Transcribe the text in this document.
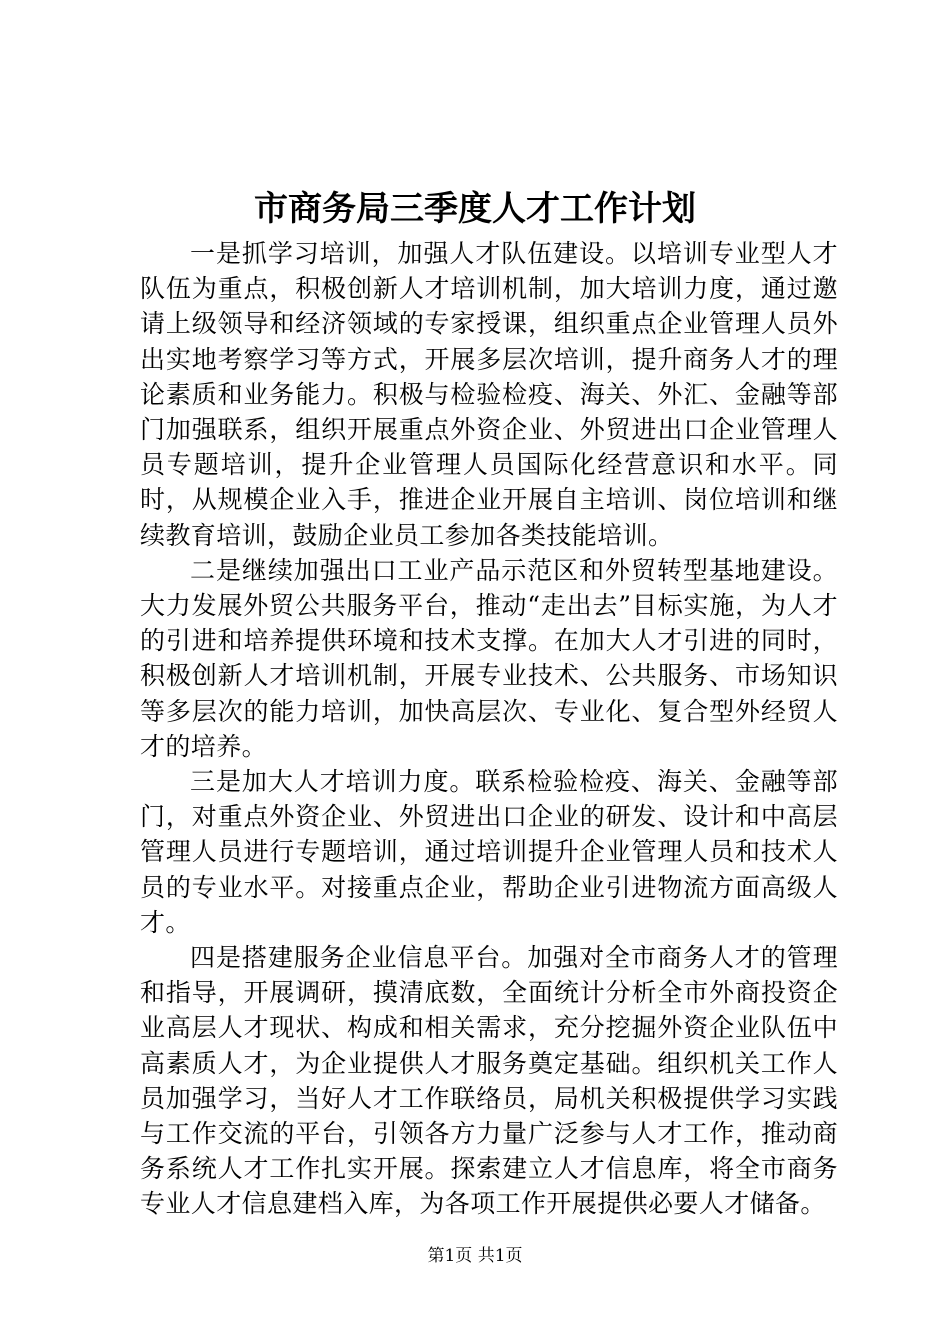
市商务局三季度人才工作计划

一是抓学习培训，加强人才队伍建设。以培训专业型人才队伍为重点，积极创新人才培训机制，加大培训力度，通过邀请上级领导和经济领域的专家授课，组织重点企业管理人员外出实地考察学习等方式，开展多层次培训，提升商务人才的理论素质和业务能力。积极与检验检疫、海关、外汇、金融等部门加强联系，组织开展重点外资企业、外贸进出口企业管理人员专题培训，提升企业管理人员国际化经营意识和水平。同时，从规模企业入手，推进企业开展自主培训、岗位培训和继续教育培训，鼓励企业员工参加各类技能培训。

二是继续加强出口工业产品示范区和外贸转型基地建设。大力发展外贸公共服务平台，推动“走出去”目标实施，为人才的引进和培养提供环境和技术支撑。在加大人才引进的同时，积极创新人才培训机制，开展专业技术、公共服务、市场知识等多层次的能力培训，加快高层次、专业化、复合型外经贸人才的培养。

三是加大人才培训力度。联系检验检疫、海关、金融等部门，对重点外资企业、外贸进出口企业的研发、设计和中高层管理人员进行专题培训，通过培训提升企业管理人员和技术人员的专业水平。对接重点企业，帮助企业引进物流方面高级人才。

四是搭建服务企业信息平台。加强对全市商务人才的管理和指导，开展调研，摸清底数，全面统计分析全市外商投资企业高层人才现状、构成和相关需求，充分挖掘外资企业队伍中高素质人才，为企业提供人才服务奠定基础。组织机关工作人员加强学习，当好人才工作联络员，局机关积极提供学习实践与工作交流的平台，引领各方力量广泛参与人才工作，推动商务系统人才工作扎实开展。探索建立人才信息库，将全市商务专业人才信息建档入库，为各项工作开展提供必要人才储备。

第1页 共1页
